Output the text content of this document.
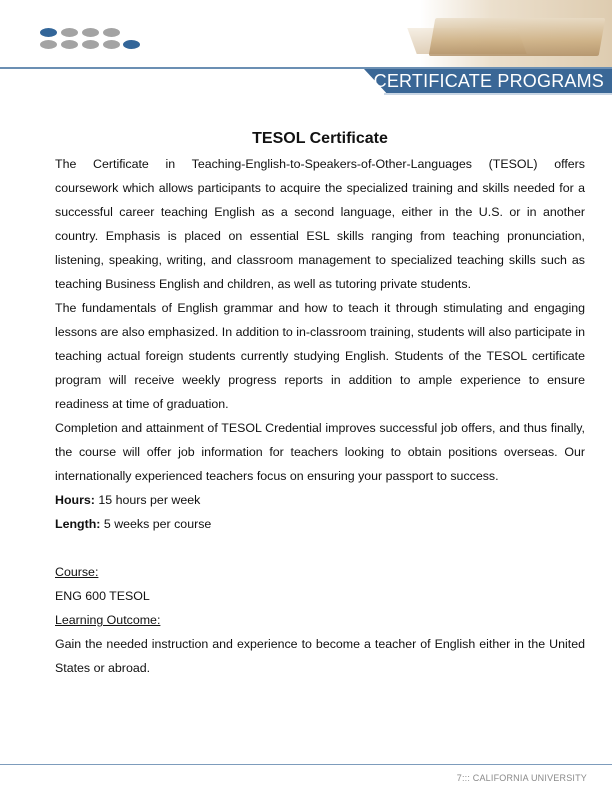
CERTIFICATE PROGRAMS
TESOL Certificate

The Certificate in Teaching-English-to-Speakers-of-Other-Languages (TESOL) offers coursework which allows participants to acquire the specialized training and skills needed for a successful career teaching English as a second language, either in the U.S. or in another country. Emphasis is placed on essential ESL skills ranging from teaching pronunciation, listening, speaking, writing, and classroom management to specialized teaching skills such as teaching Business English and children, as well as tutoring private students.

The fundamentals of English grammar and how to teach it through stimulating and engaging lessons are also emphasized. In addition to in-classroom training, students will also participate in teaching actual foreign students currently studying English. Students of the TESOL certificate program will receive weekly progress reports in addition to ample experience to ensure readiness at time of graduation.

Completion and attainment of TESOL Credential improves successful job offers, and thus finally, the course will offer job information for teachers looking to obtain positions overseas. Our internationally experienced teachers focus on ensuring your passport to success.

Hours: 15 hours per week

Length: 5 weeks per course

Course:

ENG 600 TESOL

Learning Outcome:

Gain the needed instruction and experience to become a teacher of English either in the United States or abroad.

7::: CALIFORNIA UNIVERSITY
